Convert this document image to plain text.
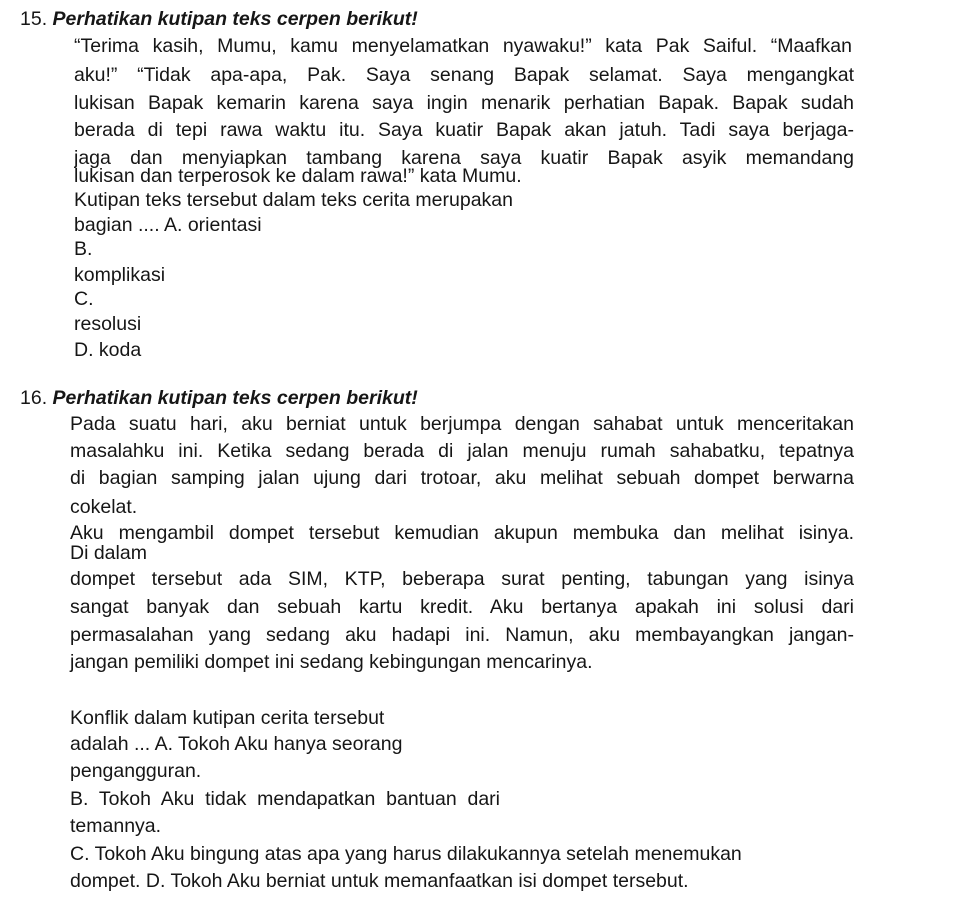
15. Perhatikan kutipan teks cerpen berikut!
“Terima kasih, Mumu, kamu menyelamatkan nyawaku!” kata Pak Saiful. “Maafkan
aku!” “Tidak apa-apa, Pak. Saya senang Bapak selamat. Saya mengangkat
lukisan Bapak kemarin karena saya ingin menarik perhatian Bapak. Bapak sudah
berada di tepi rawa waktu itu. Saya kuatir Bapak akan jatuh. Tadi saya berjaga-
jaga dan menyiapkan tambang karena saya kuatir Bapak asyik memandang
lukisan dan terperosok ke dalam rawa!” kata Mumu.
Kutipan teks tersebut dalam teks cerita merupakan
bagian .... A. orientasi
B.
komplikasi
C.
resolusi
D. koda
16. Perhatikan kutipan teks cerpen berikut!
Pada suatu hari, aku berniat untuk berjumpa dengan sahabat untuk menceritakan
masalahku ini. Ketika sedang berada di jalan menuju rumah sahabatku, tepatnya
di bagian samping jalan ujung dari trotoar, aku melihat sebuah dompet berwarna
cokelat.
Aku mengambil dompet tersebut kemudian akupun membuka dan melihat isinya.
Di dalam
dompet tersebut ada SIM, KTP, beberapa surat penting, tabungan yang isinya
sangat banyak dan sebuah kartu kredit. Aku bertanya apakah ini solusi dari
permasalahan yang sedang aku hadapi ini. Namun, aku membayangkan jangan-
jangan pemiliki dompet ini sedang kebingungan mencarinya.
Konflik dalam kutipan cerita tersebut
adalah ... A. Tokoh Aku hanya seorang
pengangguran.
B.  Tokoh  Aku  tidak  mendapatkan  bantuan  dari
temannya.
C. Tokoh Aku bingung atas apa yang harus dilakukannya setelah menemukan
dompet. D. Tokoh Aku berniat untuk memanfaatkan isi dompet tersebut.
